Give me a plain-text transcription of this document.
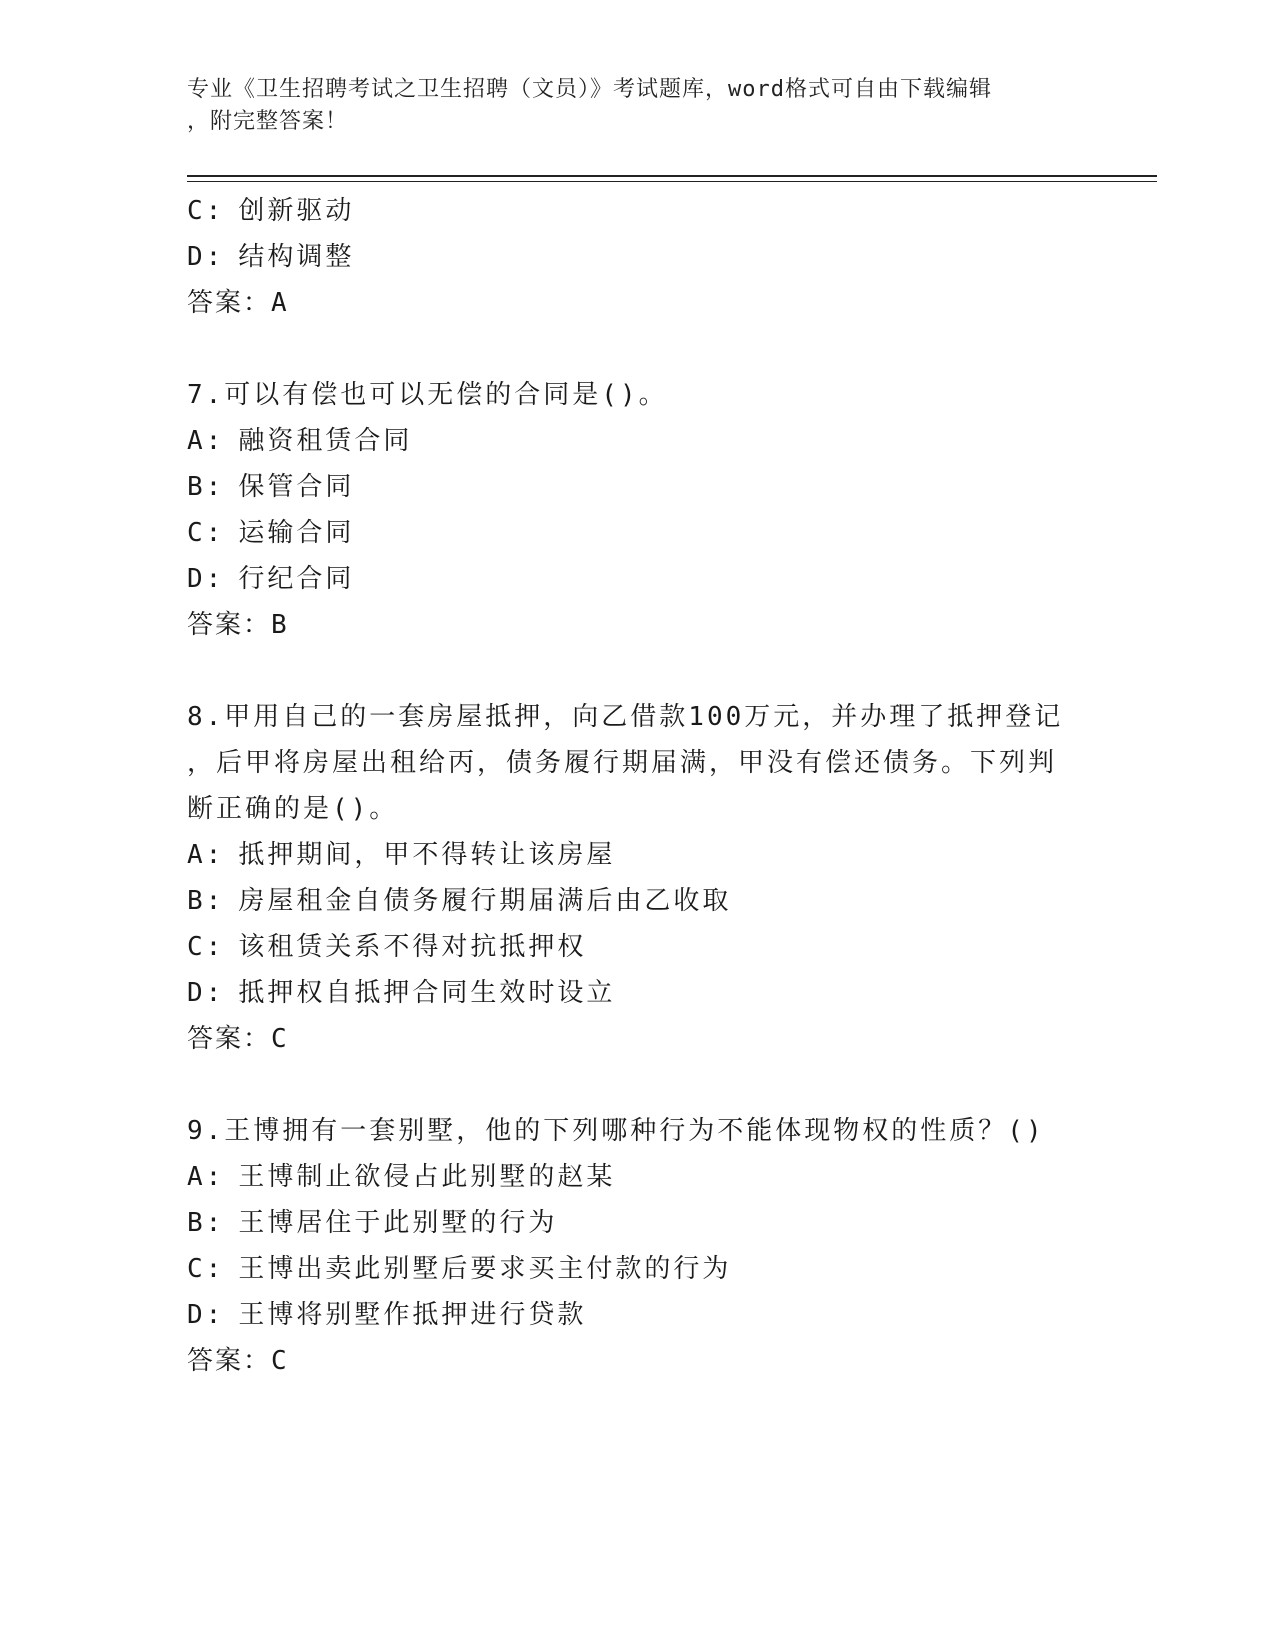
专业《卫生招聘考试之卫生招聘（文员）》考试题库，word格式可自由下载编辑
，附完整答案！
C: 创新驱动
D: 结构调整
答案：A
7.可以有偿也可以无偿的合同是()。
A: 融资租赁合同
B: 保管合同
C: 运输合同
D: 行纪合同
答案：B
8.甲用自己的一套房屋抵押，向乙借款100万元，并办理了抵押登记
，后甲将房屋出租给丙，债务履行期届满，甲没有偿还债务。下列判
断正确的是()。
A: 抵押期间，甲不得转让该房屋
B: 房屋租金自债务履行期届满后由乙收取
C: 该租赁关系不得对抗抵押权
D: 抵押权自抵押合同生效时设立
答案：C
9.王博拥有一套别墅，他的下列哪种行为不能体现物权的性质？()
A: 王博制止欲侵占此别墅的赵某
B: 王博居住于此别墅的行为
C: 王博出卖此别墅后要求买主付款的行为
D: 王博将别墅作抵押进行贷款
答案：C
